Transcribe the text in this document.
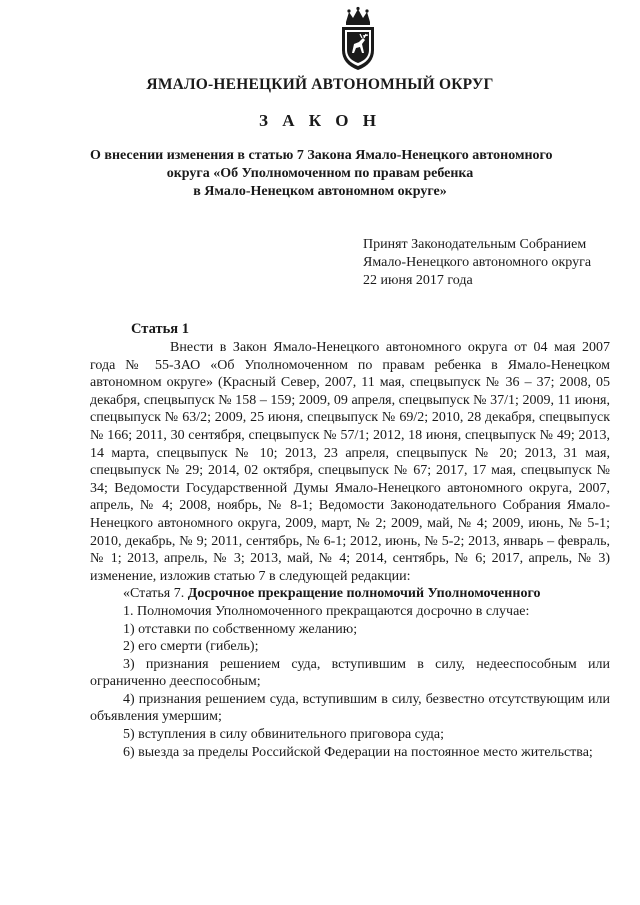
ЯМАЛО-НЕНЕЦКИЙ АВТОНОМНЫЙ ОКРУГ
З А К О Н
О внесении изменения в статью 7 Закона Ямало-Ненецкого автономного
округа «Об Уполномоченном по правам ребенка
в Ямало-Ненецком автономном округе»
Принят Законодательным Собранием
Ямало-Ненецкого автономного округа
22 июня 2017 года
Статья 1

Внести в Закон Ямало-Ненецкого автономного округа от 04 мая 2007 года № 55-ЗАО «Об Уполномоченном по правам ребенка в Ямало-Ненецком автономном округе» (Красный Север, 2007, 11 мая, спецвыпуск № 36 – 37; 2008, 05 декабря, спецвыпуск № 158 – 159; 2009, 09 апреля, спецвыпуск № 37/1; 2009, 11 июня, спецвыпуск № 63/2; 2009, 25 июня, спецвыпуск № 69/2; 2010, 28 декабря, спецвыпуск № 166; 2011, 30 сентября, спецвыпуск № 57/1; 2012, 18 июня, спецвыпуск № 49; 2013, 14 марта, спецвыпуск № 10; 2013, 23 апреля, спецвыпуск № 20; 2013, 31 мая, спецвыпуск № 29; 2014, 02 октября, спецвыпуск № 67; 2017, 17 мая, спецвыпуск № 34; Ведомости Государственной Думы Ямало-Ненецкого автономного округа, 2007, апрель, № 4; 2008, ноябрь, № 8-1; Ведомости Законодательного Собрания Ямало-Ненецкого автономного округа, 2009, март, № 2; 2009, май, № 4; 2009, июнь, № 5-1; 2010, декабрь, № 9; 2011, сентябрь, № 6-1; 2012, июнь, № 5-2; 2013, январь – февраль, № 1; 2013, апрель, № 3; 2013, май, № 4; 2014, сентябрь, № 6; 2017, апрель, № 3) изменение, изложив статью 7 в следующей редакции:

«Статья 7. Досрочное прекращение полномочий Уполномоченного

1. Полномочия Уполномоченного прекращаются досрочно в случае:

1) отставки по собственному желанию;

2) его смерти (гибель);

3) признания решением суда, вступившим в силу, недееспособным или ограниченно дееспособным;

4) признания решением суда, вступившим в силу, безвестно отсутствующим или объявления умершим;

5) вступления в силу обвинительного приговора суда;

6) выезда за пределы Российской Федерации на постоянное место жительства;
